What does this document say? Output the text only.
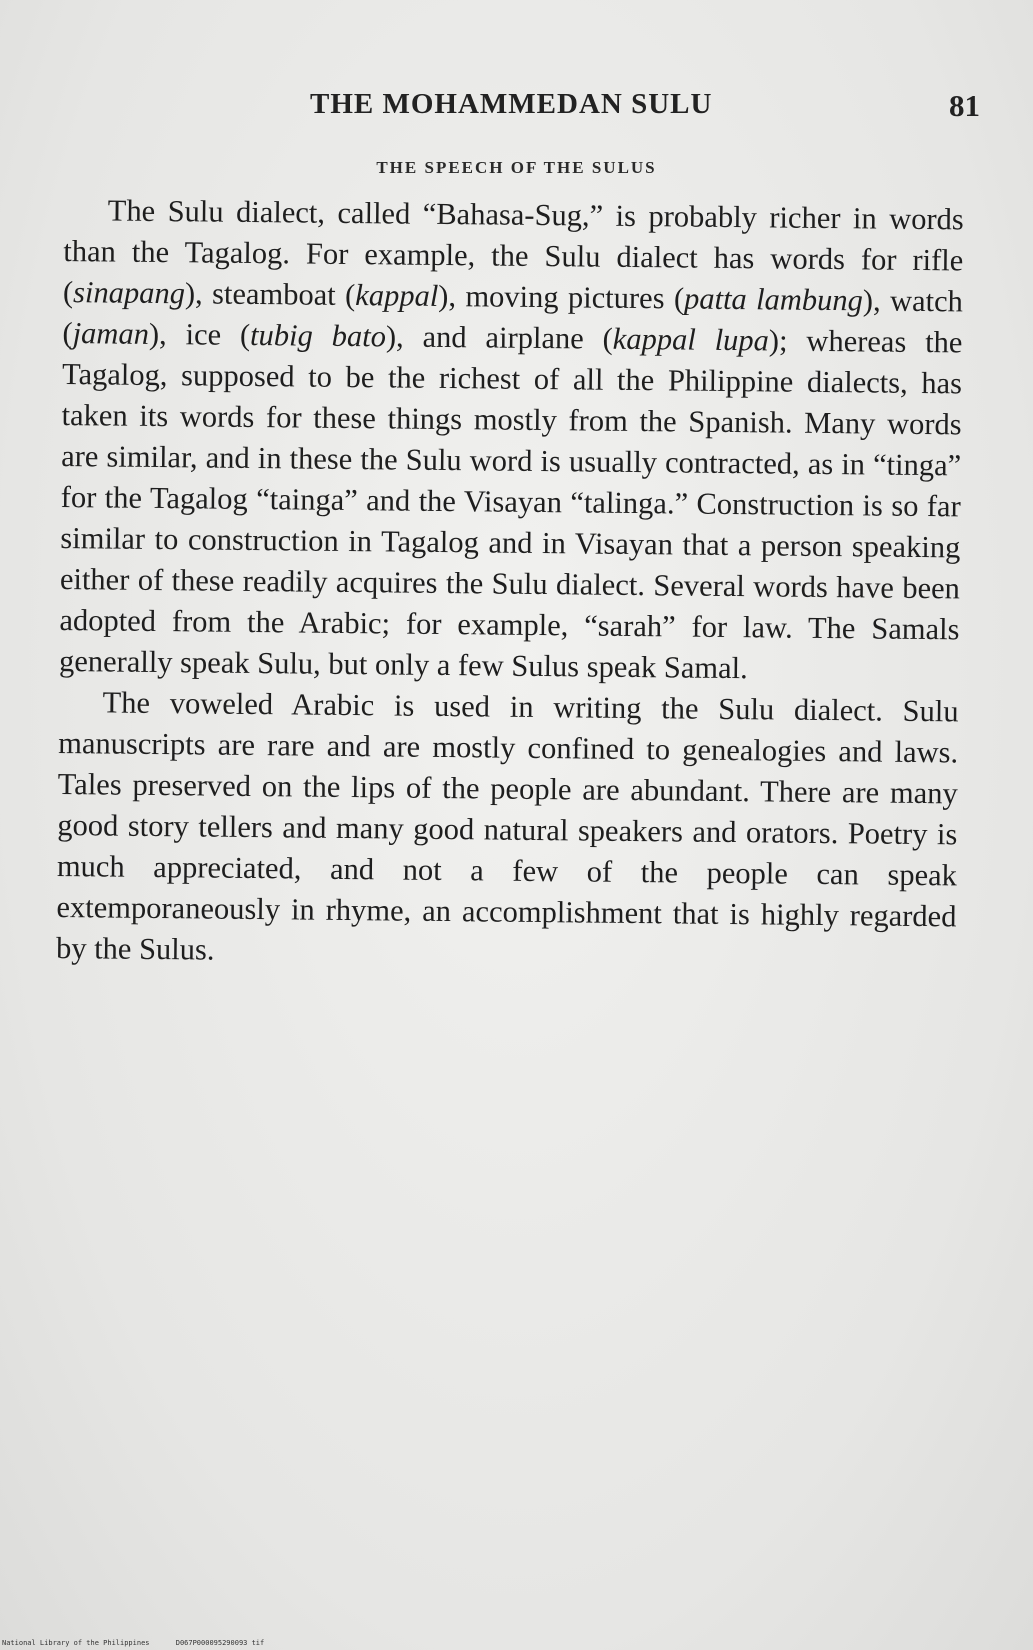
THE MOHAMMEDAN SULU	81
THE SPEECH OF THE SULUS

The Sulu dialect, called “Bahasa-Sug,” is probably richer in words than the Tagalog. For example, the Sulu dialect has words for rifle (sinapang), steamboat (kappal), moving pictures (patta lambung), watch (jaman), ice (tubig bato), and airplane (kappal lupa); whereas the Tagalog, supposed to be the richest of all the Philippine dialects, has taken its words for these things mostly from the Spanish. Many words are similar, and in these the Sulu word is usually contracted, as in “tinga” for the Tagalog “tainga” and the Visayan “talinga.” Construction is so far similar to construction in Tagalog and in Visayan that a person speaking either of these readily acquires the Sulu dialect. Several words have been adopted from the Arabic; for example, “sarah” for law. The Samals generally speak Sulu, but only a few Sulus speak Samal.

The voweled Arabic is used in writing the Sulu dialect. Sulu manuscripts are rare and are mostly confined to genealogies and laws. Tales preserved on the lips of the people are abundant. There are many good story tellers and many good natural speakers and orators. Poetry is much appreciated, and not a few of the people can speak extemporaneously in rhyme, an accomplishment that is highly regarded by the Sulus.

National Library of the Philippines	D067P000095290093 tif
